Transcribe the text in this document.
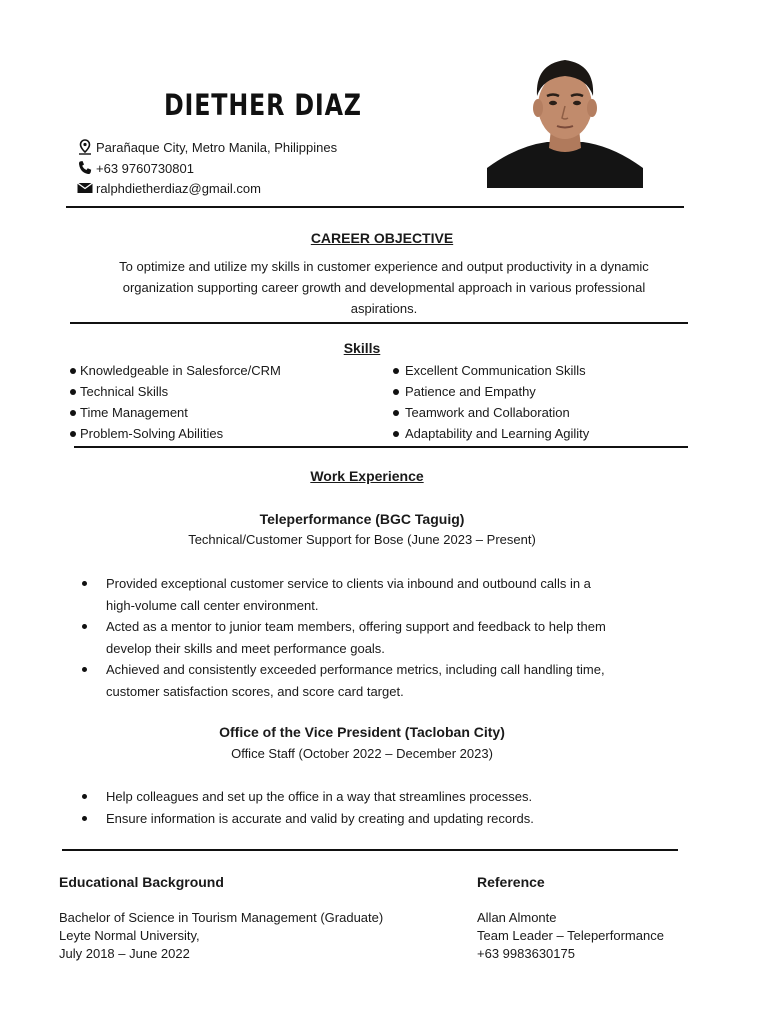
DIETHER DIAZ
Parañaque City, Metro Manila, Philippines
+63 9760730801
ralphdietherdiaz@gmail.com
CAREER OBJECTIVE
To optimize and utilize my skills in customer experience and output productivity in a dynamic
organization supporting career growth and developmental approach in various professional
aspirations.
Skills
Knowledgeable in Salesforce/CRM
Technical Skills
Time Management
Problem-Solving Abilities
Excellent Communication Skills
Patience and Empathy
Teamwork and Collaboration
Adaptability and Learning Agility
Work Experience
Teleperformance (BGC Taguig)
Technical/Customer Support for Bose (June 2023 – Present)
Provided exceptional customer service to clients via inbound and outbound calls in a
high-volume call center environment.
Acted as a mentor to junior team members, offering support and feedback to help them
develop their skills and meet performance goals.
Achieved and consistently exceeded performance metrics, including call handling time,
customer satisfaction scores, and score card target.
Office of the Vice President (Tacloban City)
Office Staff (October 2022 – December 2023)
Help colleagues and set up the office in a way that streamlines processes.
Ensure information is accurate and valid by creating and updating records.
Educational Background
Bachelor of Science in Tourism Management (Graduate)
Leyte Normal University,
July 2018 – June 2022
Reference
Allan Almonte
Team Leader – Teleperformance
+63 9983630175
